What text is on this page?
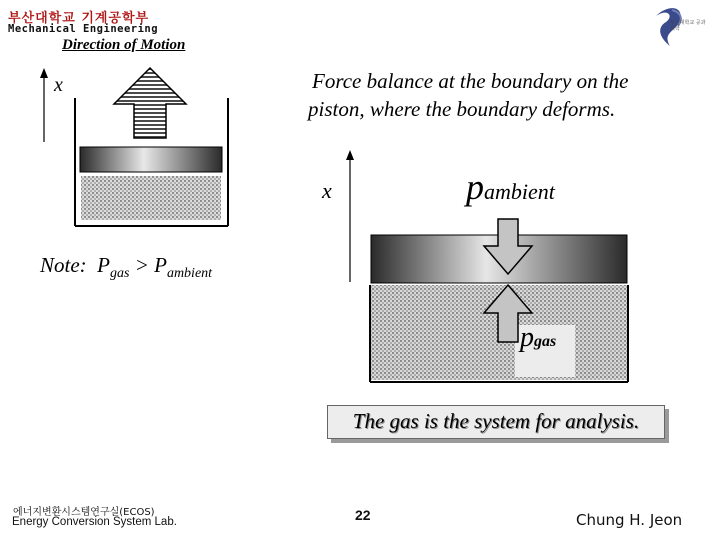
부산대학교 기계공학부
Mechanical Engineering	부산대학교 공과대학
Direction of Motion
x	Force balance at the boundary on the
piston, where the boundary deforms.
x	pambient
pgas
Note: $P_{gas} > P_{ambient}$
The gas is the system for analysis.
에너지변환시스템연구실(ECOS)
Energy Conversion System Lab.	22	Chung H. Jeon
